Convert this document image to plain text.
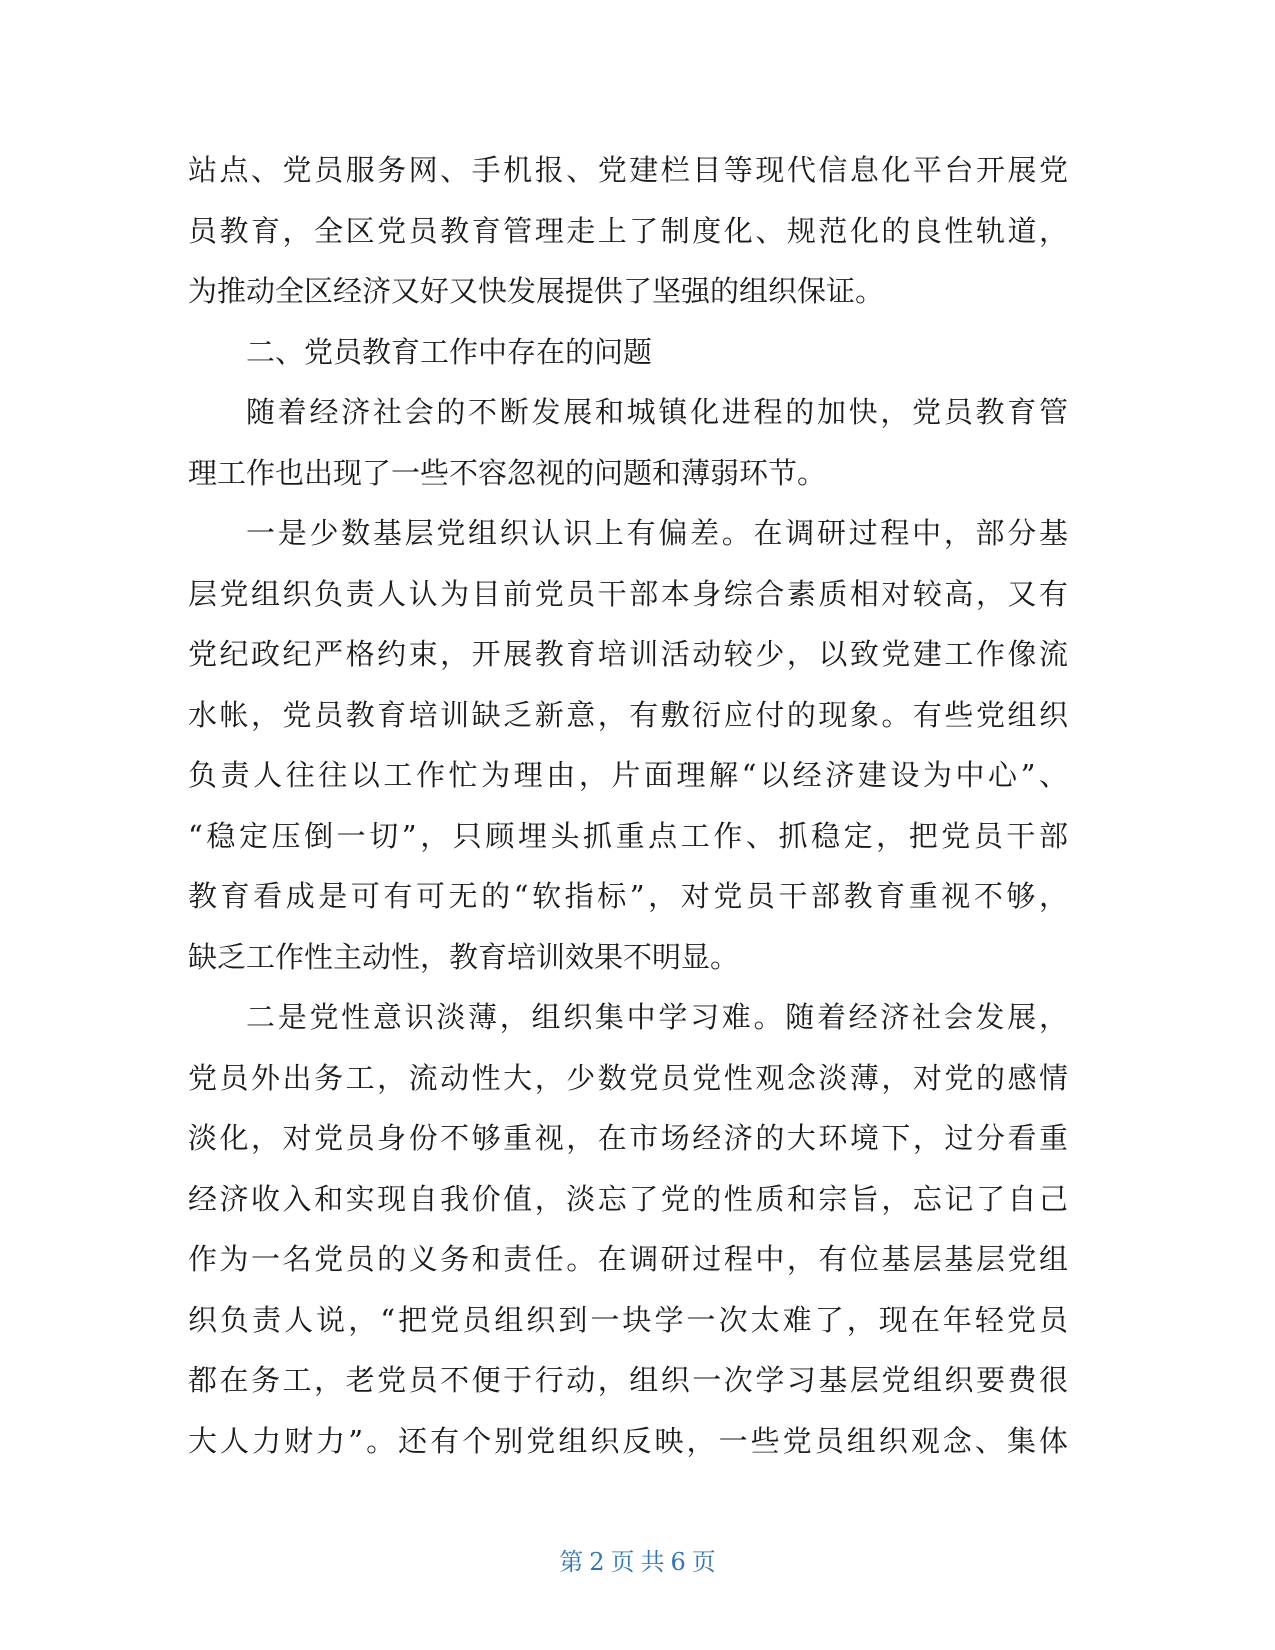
站点、党员服务网、手机报、党建栏目等现代信息化平台开展党
员教育，全区党员教育管理走上了制度化、规范化的良性轨道，
为推动全区经济又好又快发展提供了坚强的组织保证。
二、党员教育工作中存在的问题
随着经济社会的不断发展和城镇化进程的加快，党员教育管
理工作也出现了一些不容忽视的问题和薄弱环节。
一是少数基层党组织认识上有偏差。在调研过程中，部分基
层党组织负责人认为目前党员干部本身综合素质相对较高，又有
党纪政纪严格约束，开展教育培训活动较少，以致党建工作像流
水帐，党员教育培训缺乏新意，有敷衍应付的现象。有些党组织
负责人往往以工作忙为理由，片面理解“以经济建设为中心”、
“稳定压倒一切”，只顾埋头抓重点工作、抓稳定，把党员干部
教育看成是可有可无的“软指标”，对党员干部教育重视不够，
缺乏工作性主动性，教育培训效果不明显。
二是党性意识淡薄，组织集中学习难。随着经济社会发展，
党员外出务工，流动性大，少数党员党性观念淡薄，对党的感情
淡化，对党员身份不够重视，在市场经济的大环境下，过分看重
经济收入和实现自我价值，淡忘了党的性质和宗旨，忘记了自己
作为一名党员的义务和责任。在调研过程中，有位基层基层党组
织负责人说，“把党员组织到一块学一次太难了，现在年轻党员
都在务工，老党员不便于行动，组织一次学习基层党组织要费很
大人力财力”。还有个别党组织反映，一些党员组织观念、集体
第 2 页 共 6 页
